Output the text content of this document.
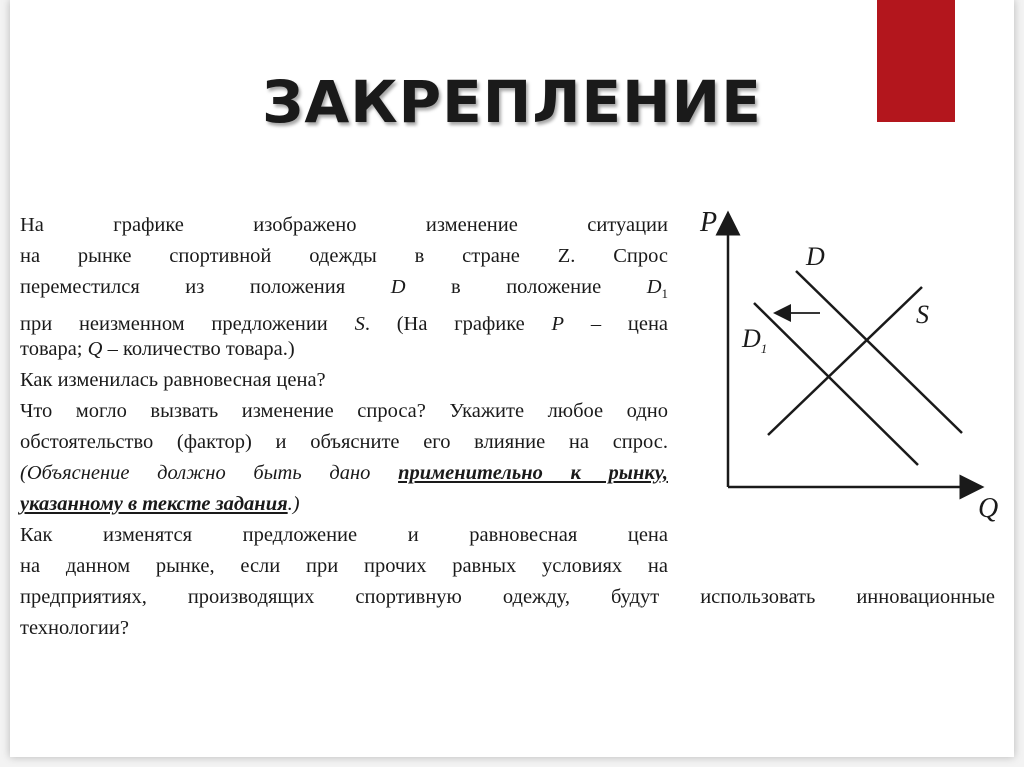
ЗАКРЕПЛЕНИЕ
На графике изображено изменение ситуации
на рынке спортивной одежды в стране Z. Спрос
переместился из положения D в положение $D_1$
при неизменном предложении S. (На графике P – цена
товара; Q – количество товара.)
Как изменилась равновесная цена?
Что могло вызвать изменение спроса? Укажите любое одно
обстоятельство (фактор) и объясните его влияние на спрос.
(Объяснение должно быть дано применительно к рынку,
указанному в тексте задания.)
Как изменятся предложение и равновесная цена
на данном рынке, если при прочих равных условиях на
предприятиях, производящих спортивную одежду, будут использовать инновационные
технологии?
P
Q
D
$D_1$
S
